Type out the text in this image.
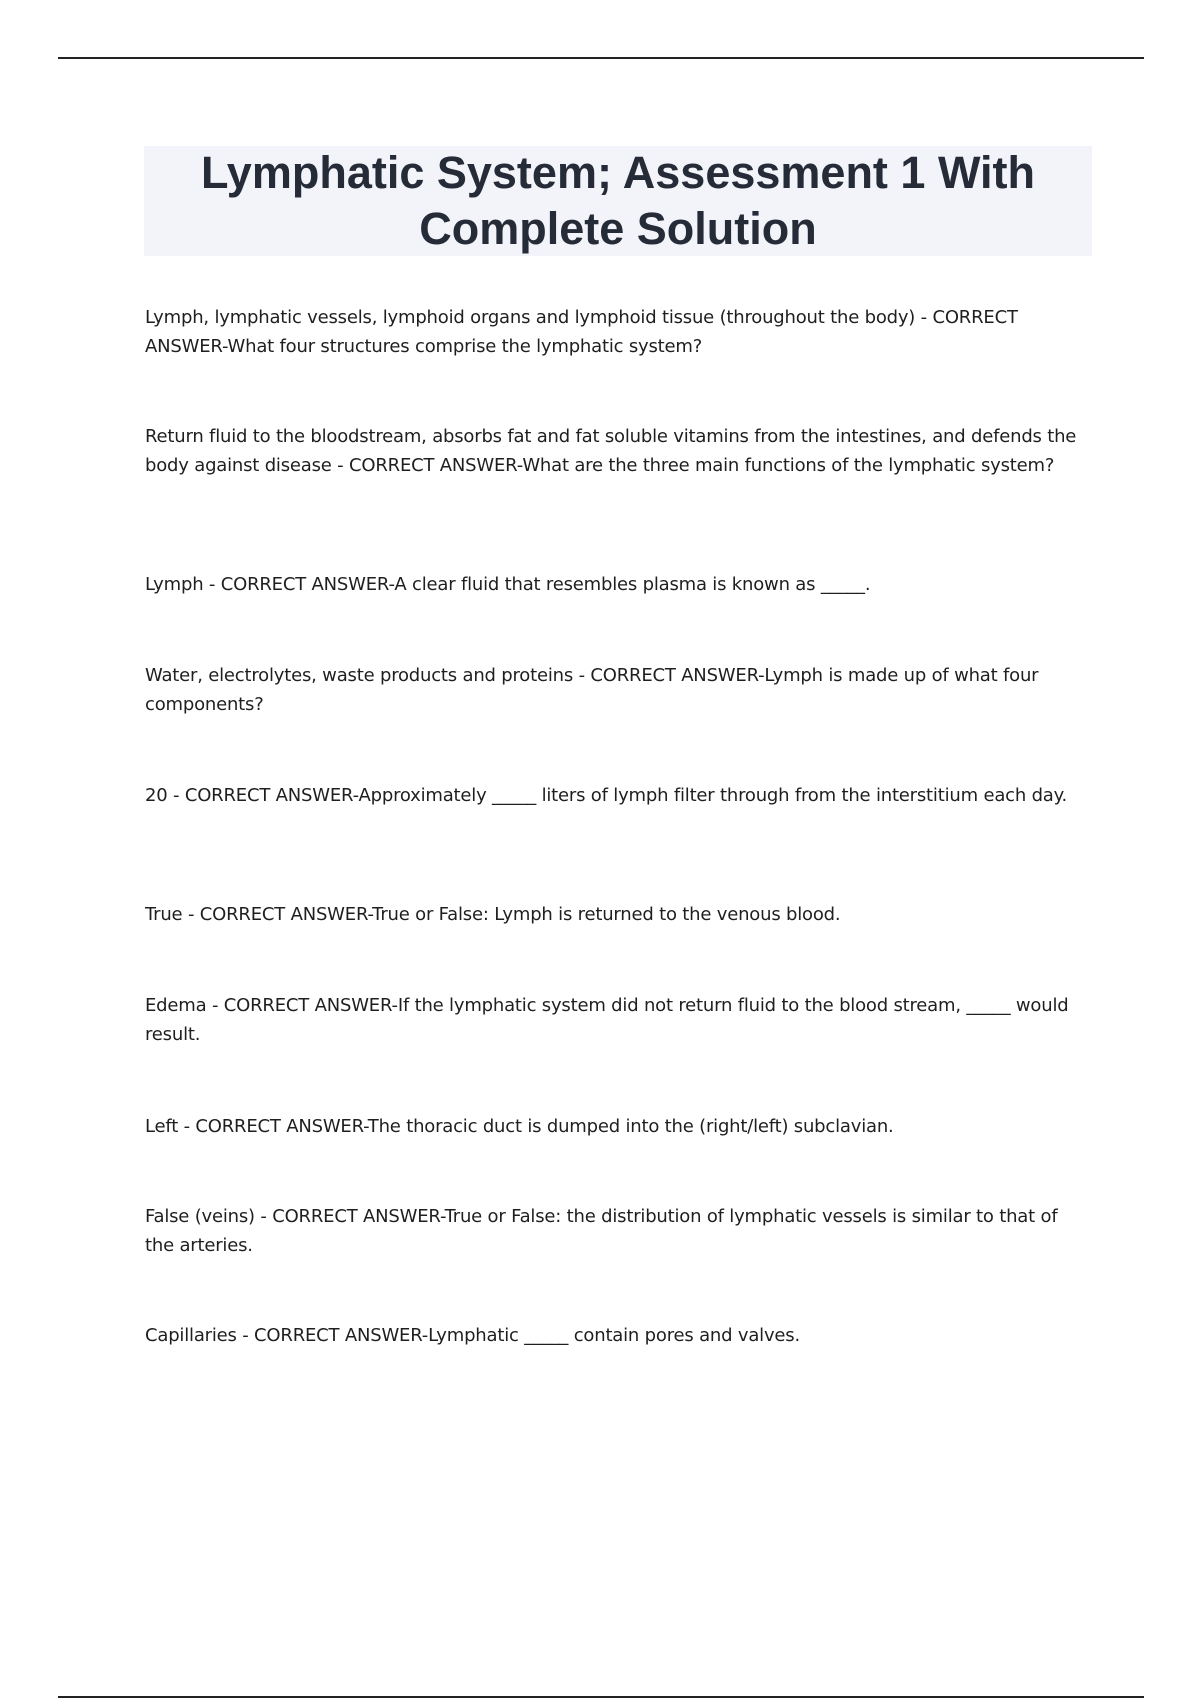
Lymphatic System; Assessment 1 With Complete Solution

Lymph, lymphatic vessels, lymphoid organs and lymphoid tissue (throughout the body) - CORRECT ANSWER-What four structures comprise the lymphatic system?

Return fluid to the bloodstream, absorbs fat and fat soluble vitamins from the intestines, and defends the body against disease - CORRECT ANSWER-What are the three main functions of the lymphatic system?

Lymph - CORRECT ANSWER-A clear fluid that resembles plasma is known as _____.

Water, electrolytes, waste products and proteins - CORRECT ANSWER-Lymph is made up of what four components?

20 - CORRECT ANSWER-Approximately _____ liters of lymph filter through from the interstitium each day.

True - CORRECT ANSWER-True or False: Lymph is returned to the venous blood.

Edema - CORRECT ANSWER-If the lymphatic system did not return fluid to the blood stream, _____ would result.

Left - CORRECT ANSWER-The thoracic duct is dumped into the (right/left) subclavian.

False (veins) - CORRECT ANSWER-True or False: the distribution of lymphatic vessels is similar to that of the arteries.

Capillaries - CORRECT ANSWER-Lymphatic _____ contain pores and valves.
